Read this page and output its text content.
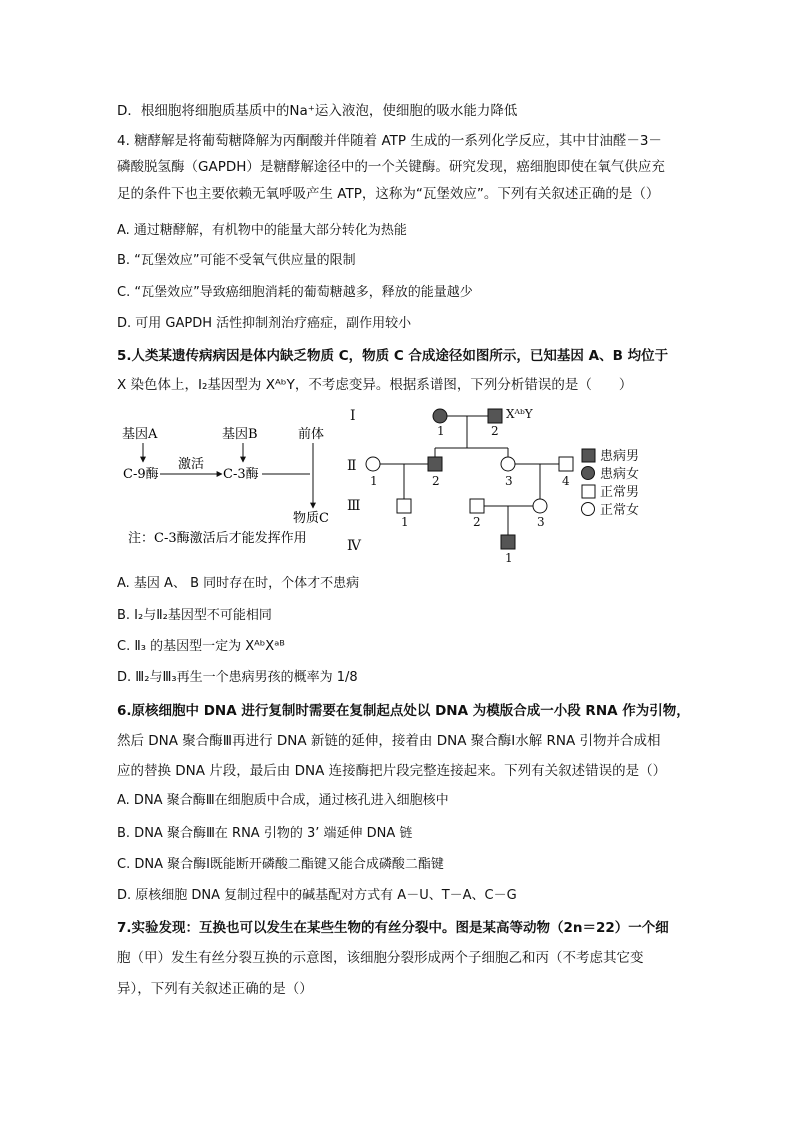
D．根细胞将细胞质基质中的Na⁺运入液泡，使细胞的吸水能力降低
4. 糖酵解是将葡萄糖降解为丙酮酸并伴随着 ATP 生成的一系列化学反应，其中甘油醛－3－
磷酸脱氢酶（GAPDH）是糖酵解途径中的一个关键酶。研究发现，癌细胞即使在氧气供应充
足的条件下也主要依赖无氧呼吸产生 ATP，这称为“瓦堡效应”。下列有关叙述正确的是（）
A. 通过糖酵解，有机物中的能量大部分转化为热能
B. “瓦堡效应”可能不受氧气供应量的限制
C. “瓦堡效应”导致癌细胞消耗的葡萄糖越多，释放的能量越少
D. 可用 GAPDH 活性抑制剂治疗癌症，副作用较小
5.人类某遗传病病因是体内缺乏物质 C，物质 C 合成途径如图所示，已知基因 A、B 均位于
X 染色体上，I₂基因型为 XᴬᵇY，不考虑变异。根据系谱图，下列分析错误的是（　　）
基因A	基因B	前体
C-9酶
激活
C-3酶
物质C
注：C-3酶激活后才能发挥作用
Ⅰ
Ⅱ
Ⅲ
Ⅳ
XᴬᵇY
1	2
1	2	3	4
1	2	3
1
患病男
患病女
正常男
正常女
A. 基因 A、 B 同时存在时，个体才不患病
B. I₂与Ⅱ₂基因型不可能相同
C. Ⅱ₃ 的基因型一定为 XᴬᵇXᵃᴮ
D. Ⅲ₂与Ⅲ₃再生一个患病男孩的概率为 1/8
6.原核细胞中 DNA 进行复制时需要在复制起点处以 DNA 为模版合成一小段 RNA 作为引物，
然后 DNA 聚合酶Ⅲ再进行 DNA 新链的延伸，接着由 DNA 聚合酶Ⅰ水解 RNA 引物并合成相
应的替换 DNA 片段，最后由 DNA 连接酶把片段完整连接起来。下列有关叙述错误的是（）
A. DNA 聚合酶Ⅲ在细胞质中合成，通过核孔进入细胞核中
B. DNA 聚合酶Ⅲ在 RNA 引物的 3’ 端延伸 DNA 链
C. DNA 聚合酶Ⅰ既能断开磷酸二酯键又能合成磷酸二酯键
D. 原核细胞 DNA 复制过程中的碱基配对方式有 A－U、T－A、C－G
7.实验发现：互换也可以发生在某些生物的有丝分裂中。图是某高等动物（2n＝22）一个细
胞（甲）发生有丝分裂互换的示意图，该细胞分裂形成两个子细胞乙和丙（不考虑其它变
异），下列有关叙述正确的是（）
